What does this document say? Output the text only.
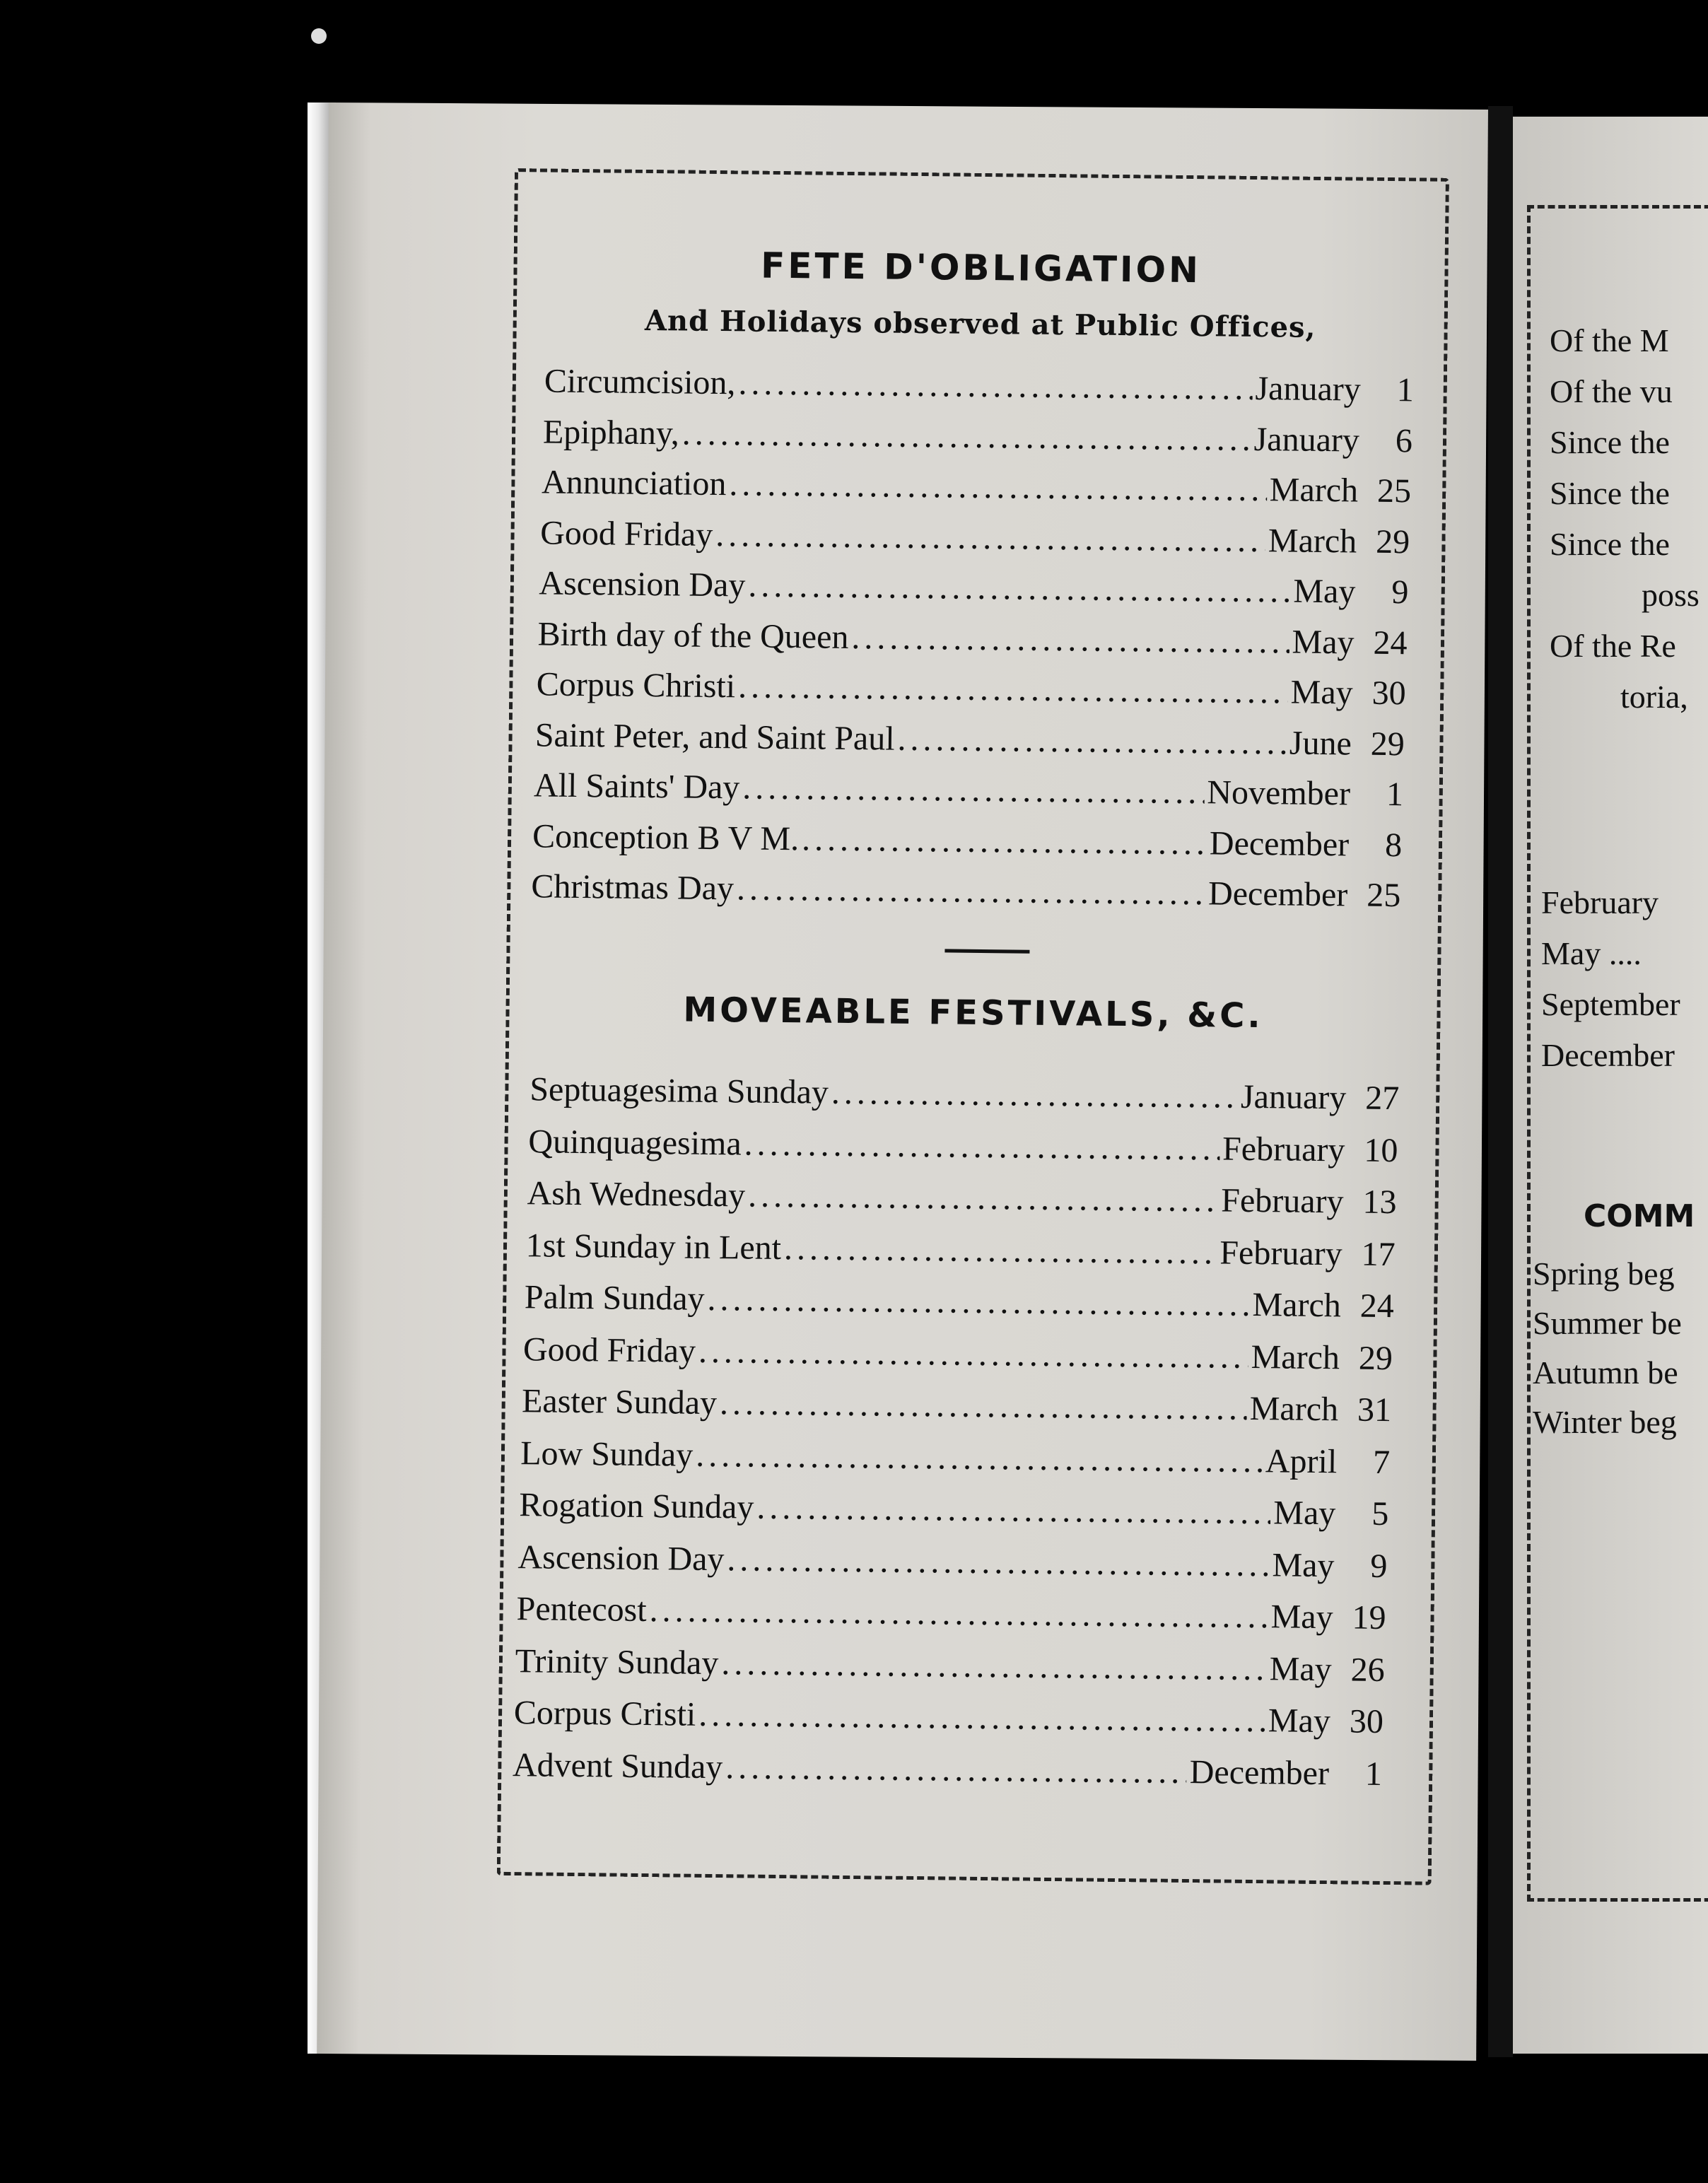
FETE D'OBLIGATION
And Holidays observed at Public Offices,
Circumcision, .....	January	1
Epiphany, .....	January	6
Annunciation .....	March 25
Good Friday .....	March 29
Ascension Day .....	May	9
Birth day of the Queen .....	May 24
Corpus Christi .....	May 30
Saint Peter, and Saint Paul .....	June 29
All Saints' Day .....	November	1
Conception B V M. .....	December	8
Christmas Day .....	December 25
MOVEABLE FESTIVALS, &C.
Septuagesima Sunday .....	January 27
Quinquagesima .....	February 10
Ash Wednesday .....	February 13
1st Sunday in Lent .....	February 17
Palm Sunday .....	March 24
Good Friday .....	March 29
Easter Sunday .....	March 31
Low Sunday .....	April	7
Rogation Sunday .....	May	5
Ascension Day .....	May	9
Pentecost .....	May 19
Trinity Sunday .....	May 26
Corpus Cristi .....	May 30
Advent Sunday .....	December	1
Of the M
Of the vu
Since the
Since the
Since the
poss
Of the Re
toria,
February
May ....
September
December
COMM
Spring beg
Summer be
Autumn be
Winter beg
